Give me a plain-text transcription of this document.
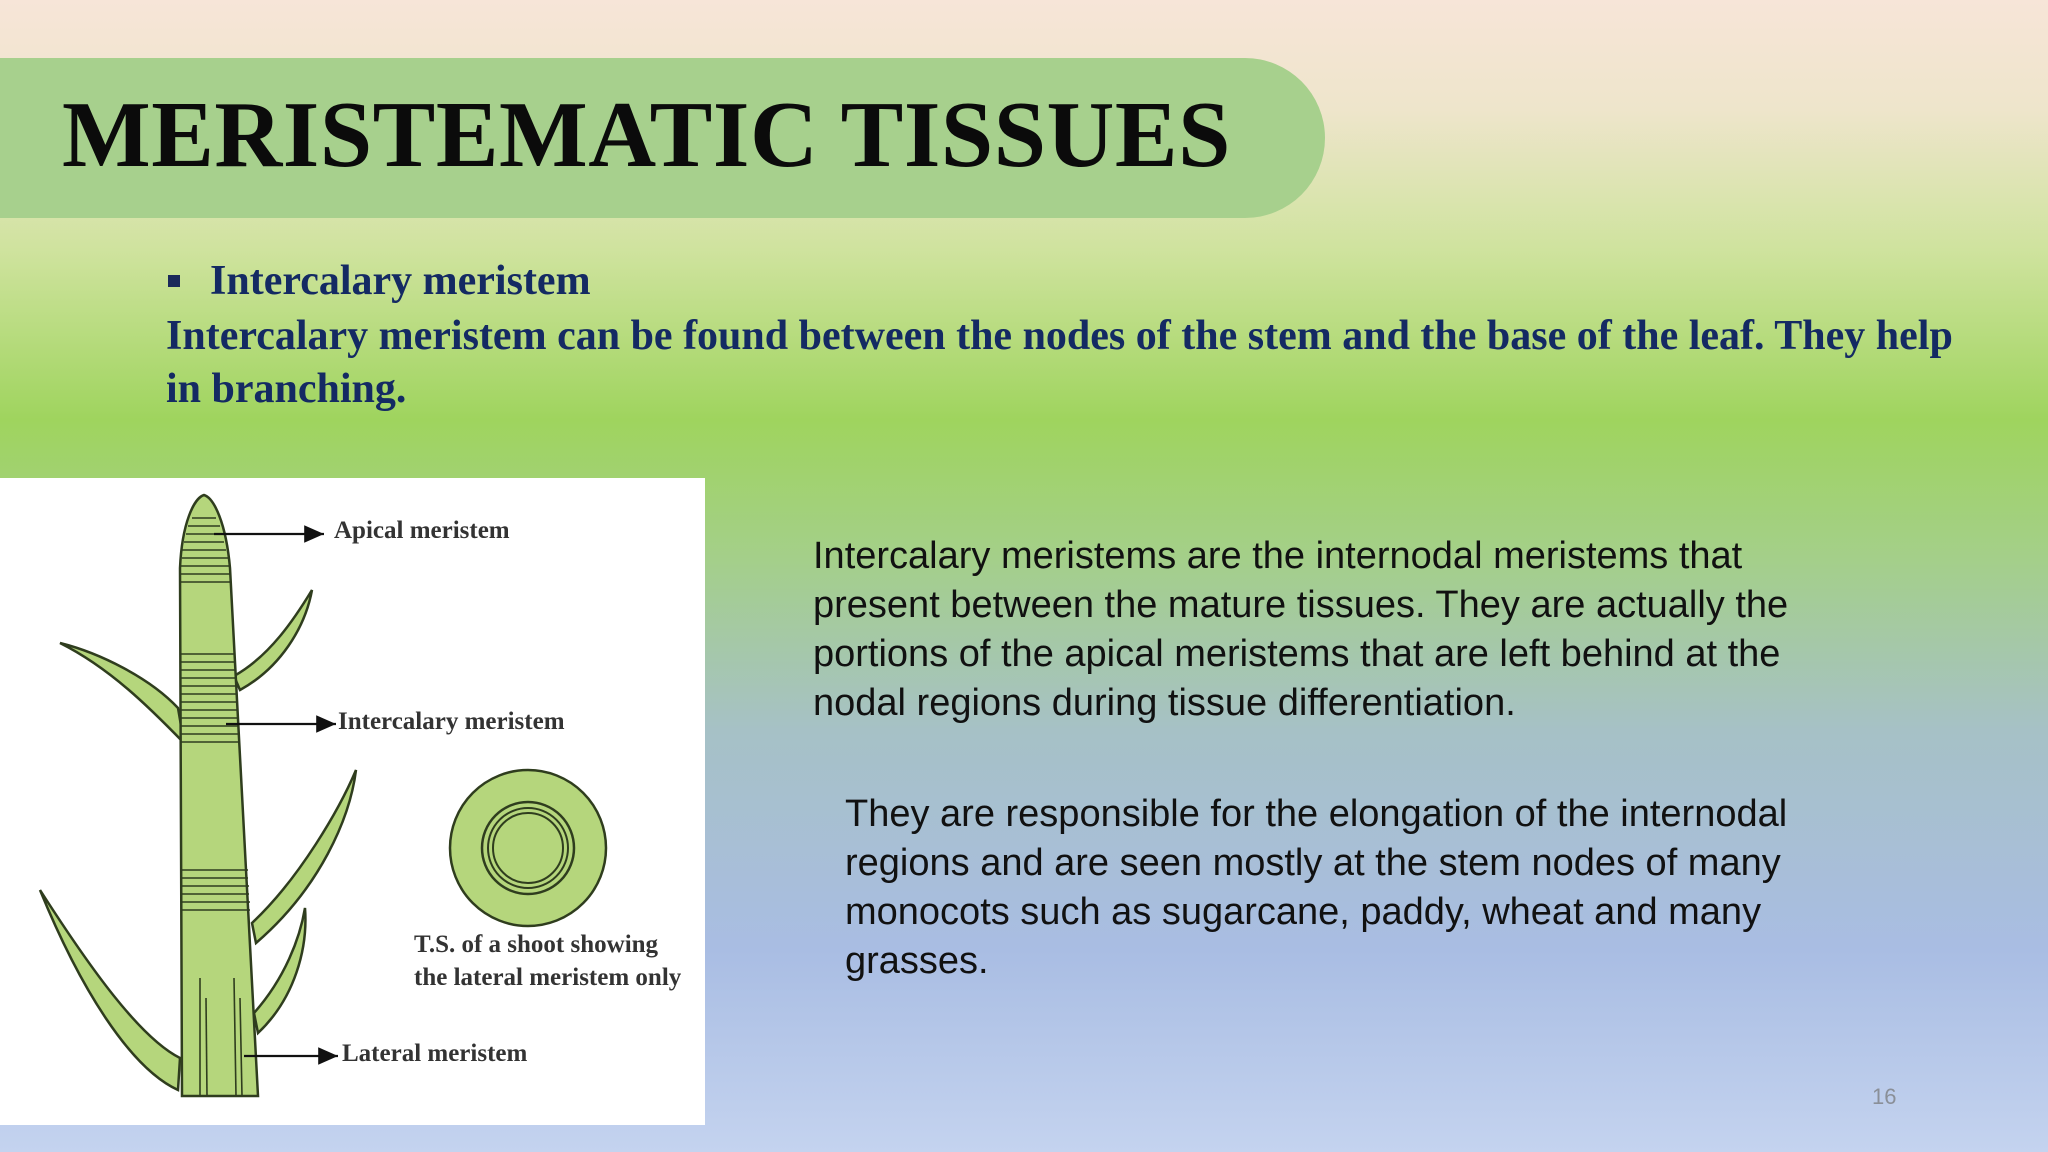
MERISTEMATIC TISSUES
Intercalary meristem

Intercalary meristem can be found between the nodes of the stem and the base of the leaf. They help in branching.

Apical meristem
Intercalary meristem
T.S. of a shoot showing
the lateral meristem only
Lateral meristem

Intercalary meristems are the internodal meristems that present between the mature tissues. They are actually the portions of the apical meristems that are left behind at the nodal regions during tissue differentiation.

They are responsible for the elongation of the internodal regions and are seen mostly at the stem nodes of many monocots such as sugarcane, paddy, wheat and many grasses.

16
